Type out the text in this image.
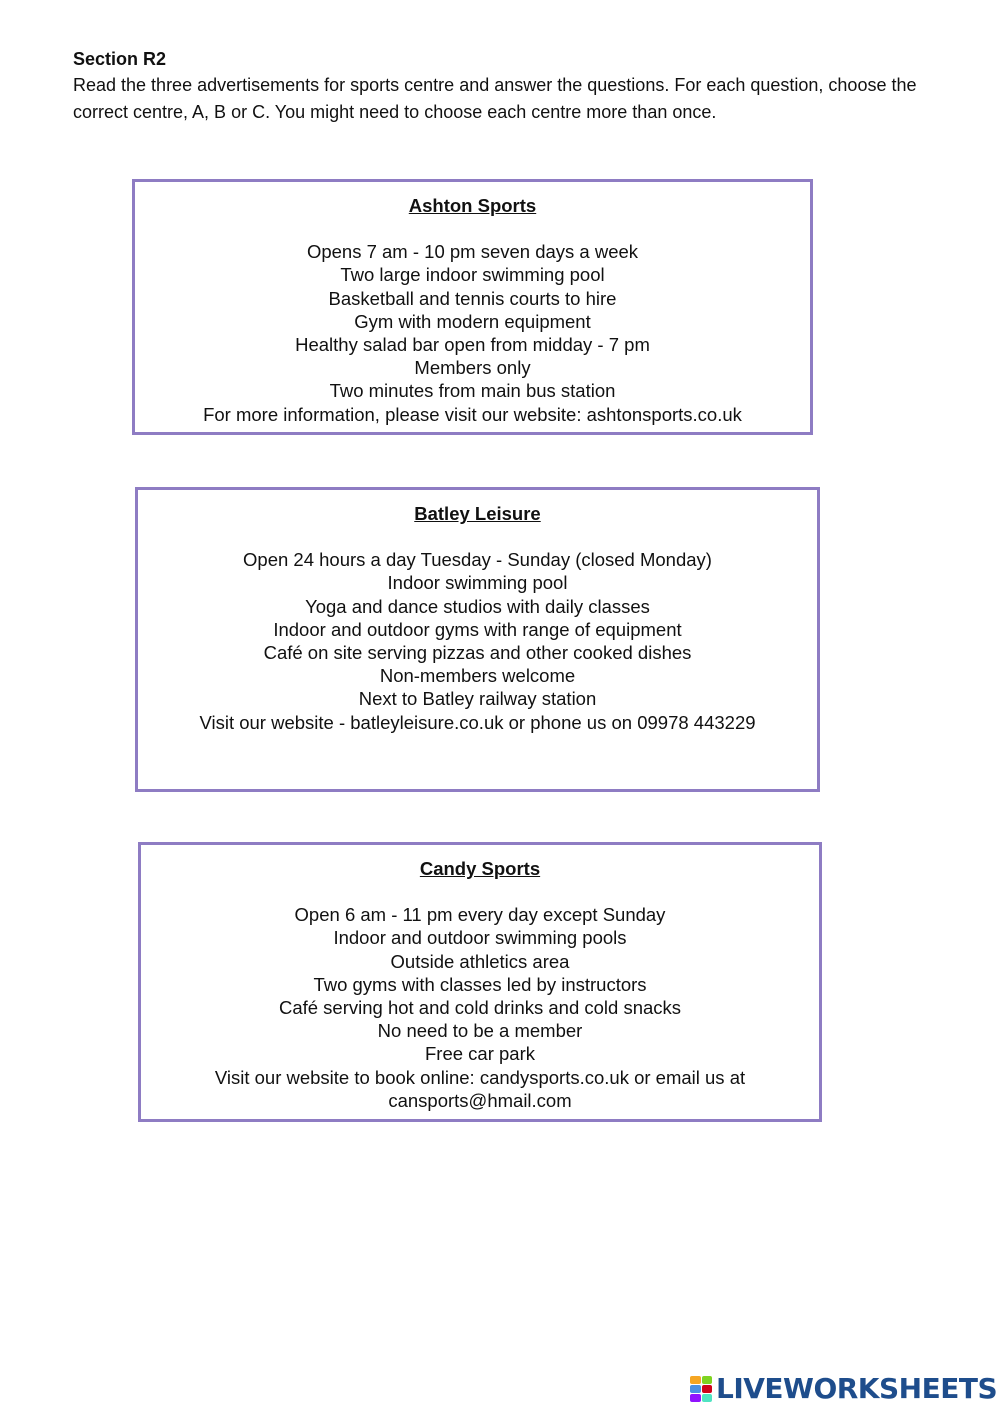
Section R2

Read the three advertisements for sports centre and answer the questions. For each question, choose the correct centre, A, B or C. You might need to choose each centre more than once.

Ashton Sports

Opens 7 am - 10 pm seven days a week

Two large indoor swimming pool

Basketball and tennis courts to hire

Gym with modern equipment

Healthy salad bar open from midday - 7 pm

Members only

Two minutes from main bus station

For more information, please visit our website: ashtonsports.co.uk

Batley Leisure

Open 24 hours a day Tuesday - Sunday (closed Monday)

Indoor swimming pool

Yoga and dance studios with daily classes

Indoor and outdoor gyms with range of equipment

Café on site serving pizzas and other cooked dishes

Non-members welcome

Next to Batley railway station

Visit our website - batleyleisure.co.uk or phone us on 09978 443229

Candy Sports

Open 6 am - 11 pm every day except Sunday

Indoor and outdoor swimming pools

Outside athletics area

Two gyms with classes led by instructors

Café serving hot and cold drinks and cold snacks

No need to be a member

Free car park

Visit our website to book online: candysports.co.uk or email us at cansports@hmail.com

LIVEWORKSHEETS
